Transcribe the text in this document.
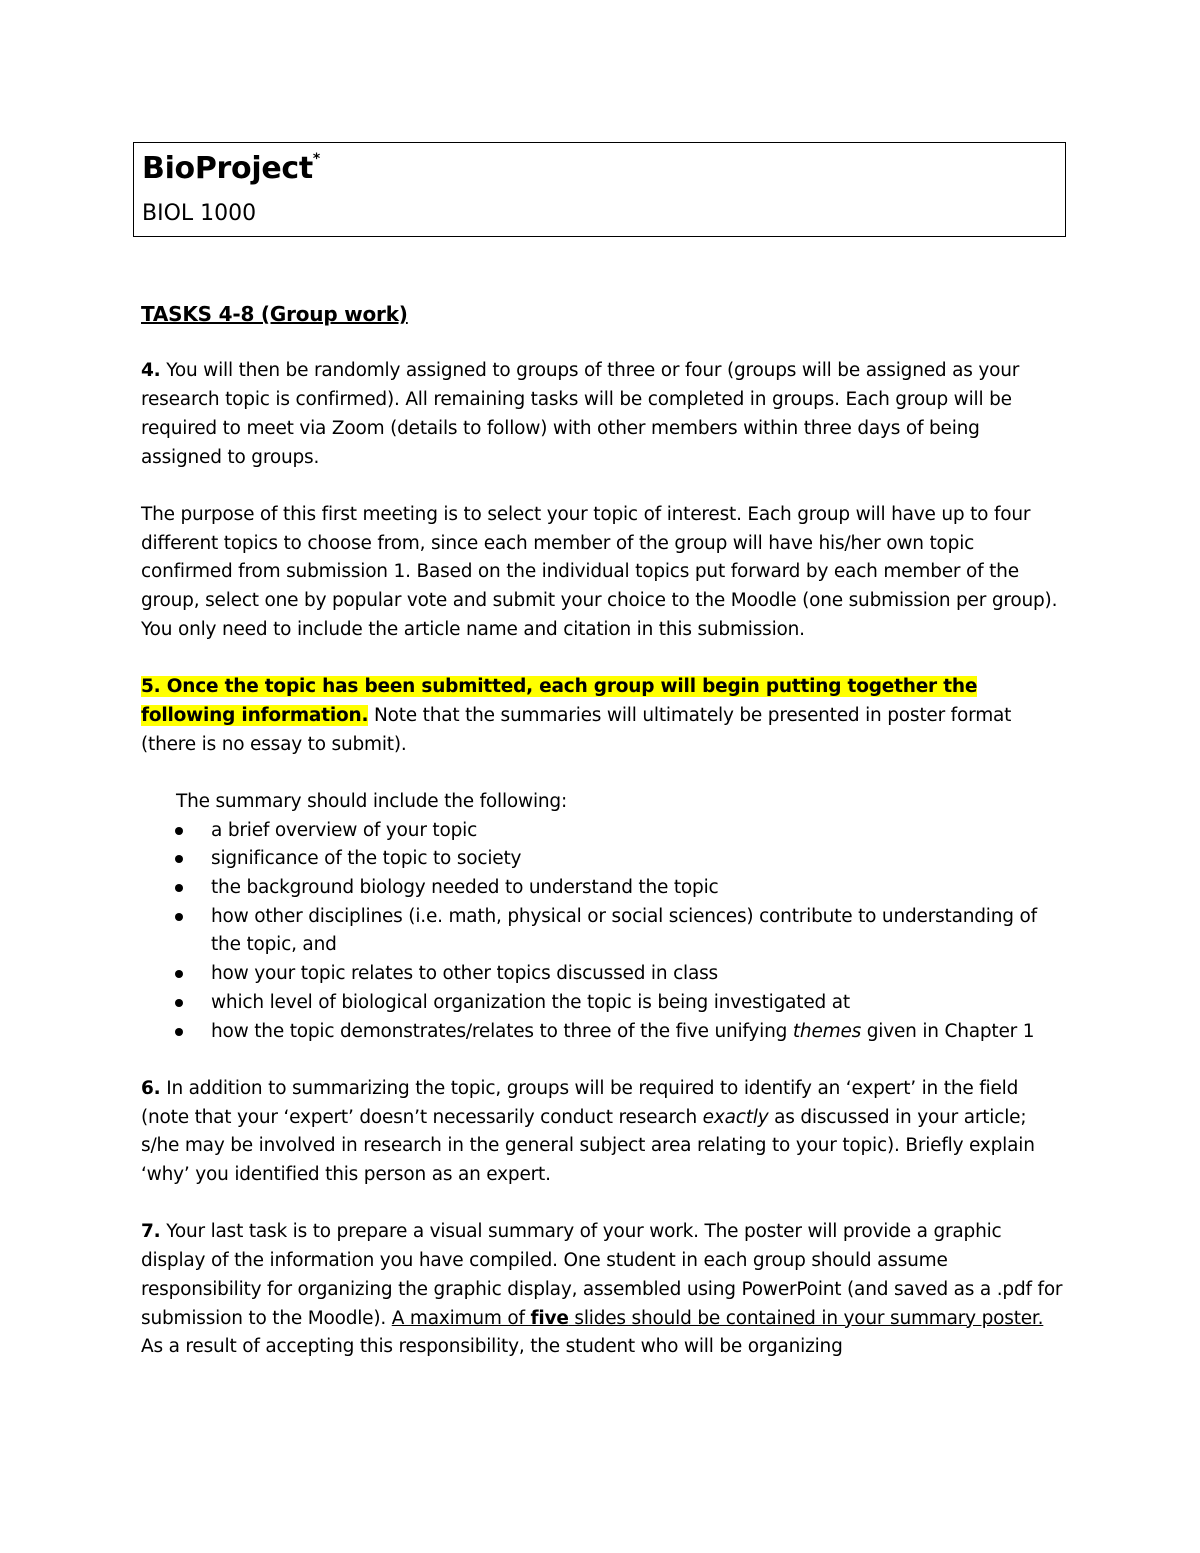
BioProject*
BIOL 1000

TASKS 4-8 (Group work)

4. You will then be randomly assigned to groups of three or four (groups will be assigned as your research topic is confirmed). All remaining tasks will be completed in groups. Each group will be required to meet via Zoom (details to follow) with other members within three days of being assigned to groups.

The purpose of this first meeting is to select your topic of interest. Each group will have up to four different topics to choose from, since each member of the group will have his/her own topic confirmed from submission 1. Based on the individual topics put forward by each member of the group, select one by popular vote and submit your choice to the Moodle (one submission per group). You only need to include the article name and citation in this submission.

5. Once the topic has been submitted, each group will begin putting together the following information. Note that the summaries will ultimately be presented in poster format (there is no essay to submit).

The summary should include the following:

a brief overview of your topic
significance of the topic to society
the background biology needed to understand the topic
how other disciplines (i.e. math, physical or social sciences) contribute to understanding of the topic, and
how your topic relates to other topics discussed in class
which level of biological organization the topic is being investigated at
how the topic demonstrates/relates to three of the five unifying themes given in Chapter 1

6. In addition to summarizing the topic, groups will be required to identify an ‘expert’ in the field (note that your ‘expert’ doesn’t necessarily conduct research exactly as discussed in your article; s/he may be involved in research in the general subject area relating to your topic). Briefly explain ‘why’ you identified this person as an expert.

7. Your last task is to prepare a visual summary of your work. The poster will provide a graphic display of the information you have compiled. One student in each group should assume responsibility for organizing the graphic display, assembled using PowerPoint (and saved as a .pdf for submission to the Moodle). A maximum of five slides should be contained in your summary poster. As a result of accepting this responsibility, the student who will be organizing
